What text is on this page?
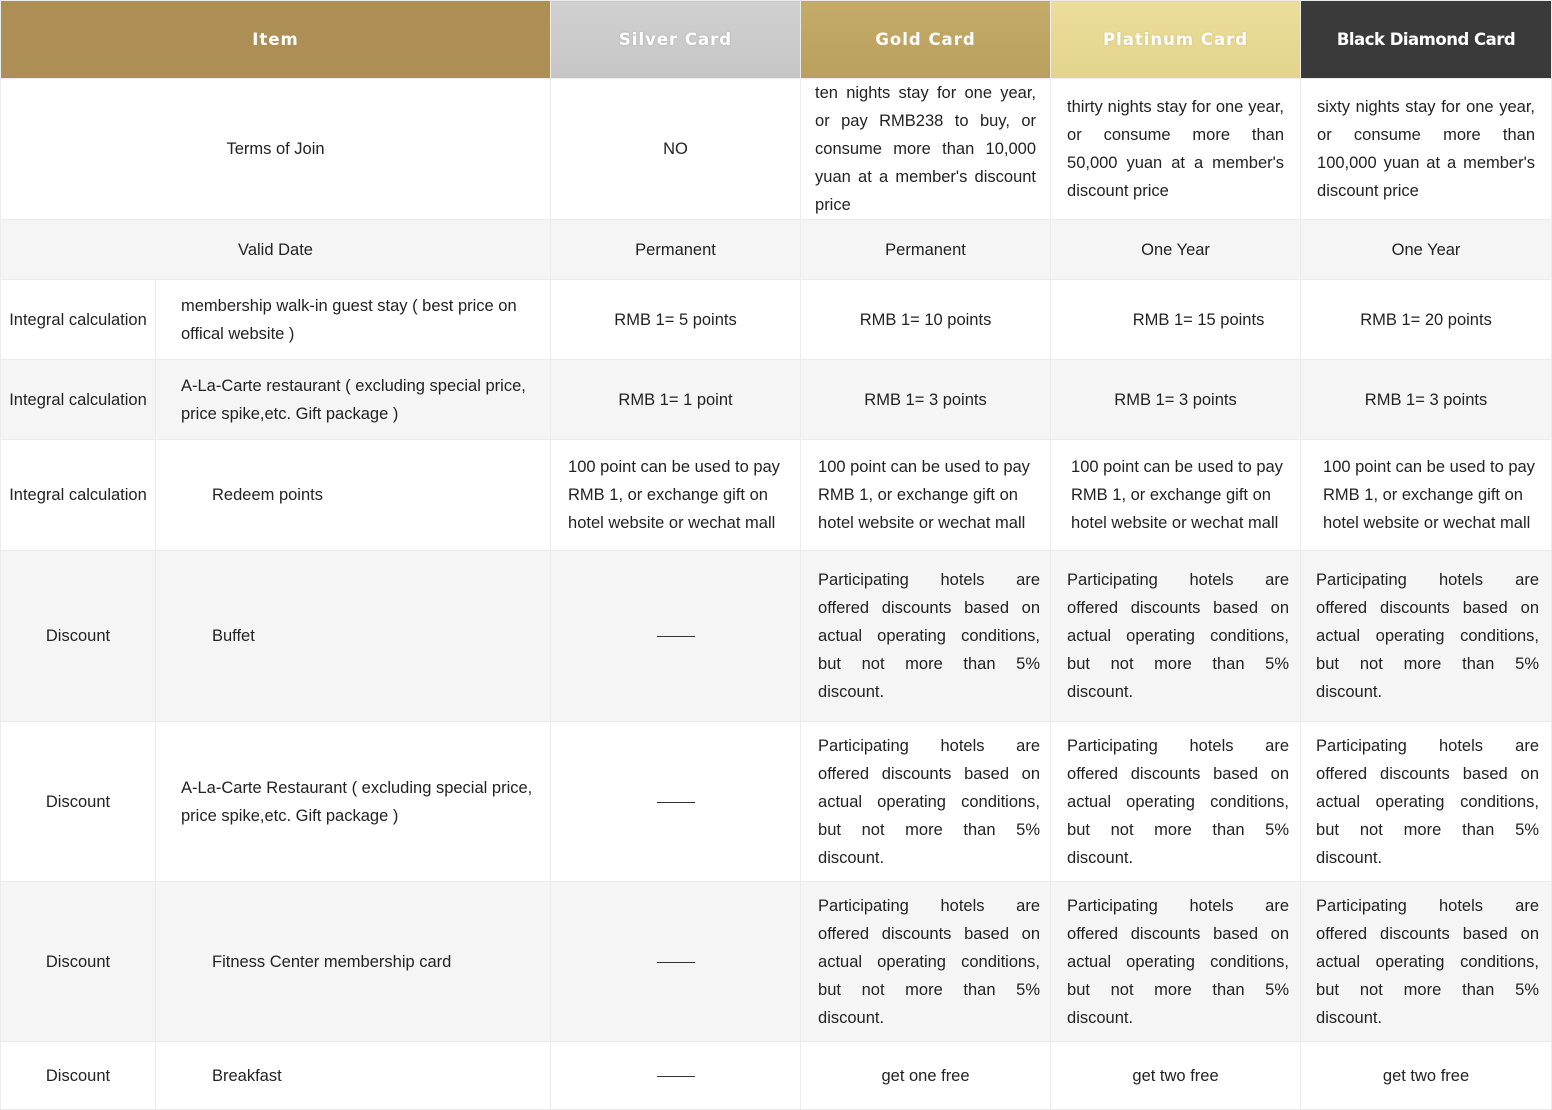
Item		Silver Card	Gold Card	Platinum Card	Black Diamond Card
Terms of Join		NO	ten nights stay for one year, or pay RMB238 to buy, or consume more than 10,000 yuan at a member's discount price	thirty nights stay for one year, or consume more than 50,000 yuan at a member's discount price	sixty nights stay for one year, or consume more than 100,000 yuan at a member's discount price
Valid Date		Permanent	Permanent	One Year	One Year
Integral calculation	membership walk-in guest stay ( best price on offical website )	RMB 1= 5 points	RMB 1= 10 points	RMB 1= 15 points	RMB 1= 20 points
Integral calculation	A-La-Carte restaurant ( excluding special price,  price spike,etc. Gift package )	RMB 1= 1 point	RMB 1= 3 points	RMB 1= 3 points	RMB 1= 3 points
Integral calculation	Redeem points	100 point can be used to pay RMB 1, or exchange gift on hotel website or wechat mall	100 point can be used to pay RMB 1, or exchange gift on hotel website or wechat mall	100 point can be used to pay RMB 1, or exchange gift on hotel website or wechat mall	100 point can be used to pay RMB 1, or exchange gift on hotel website or wechat mall
Discount	Buffet		Participating hotels are offered discounts based on actual operating conditions, but not more than 5% discount.	Participating hotels are offered discounts based on actual operating conditions, but not more than 5% discount.	Participating hotels are offered discounts based on actual operating conditions, but not more than 5% discount.
Discount	A-La-Carte Restaurant ( excluding special price, price spike,etc. Gift package )		Participating hotels are offered discounts based on actual operating conditions, but not more than 5% discount.	Participating hotels are offered discounts based on actual operating conditions, but not more than 5% discount.	Participating hotels are offered discounts based on actual operating conditions, but not more than 5% discount.
Discount	Fitness Center membership card		Participating hotels are offered discounts based on actual operating conditions, but not more than 5% discount.	Participating hotels are offered discounts based on actual operating conditions, but not more than 5% discount.	Participating hotels are offered discounts based on actual operating conditions, but not more than 5% discount.
Discount	Breakfast		get one free	get two free	get two free
